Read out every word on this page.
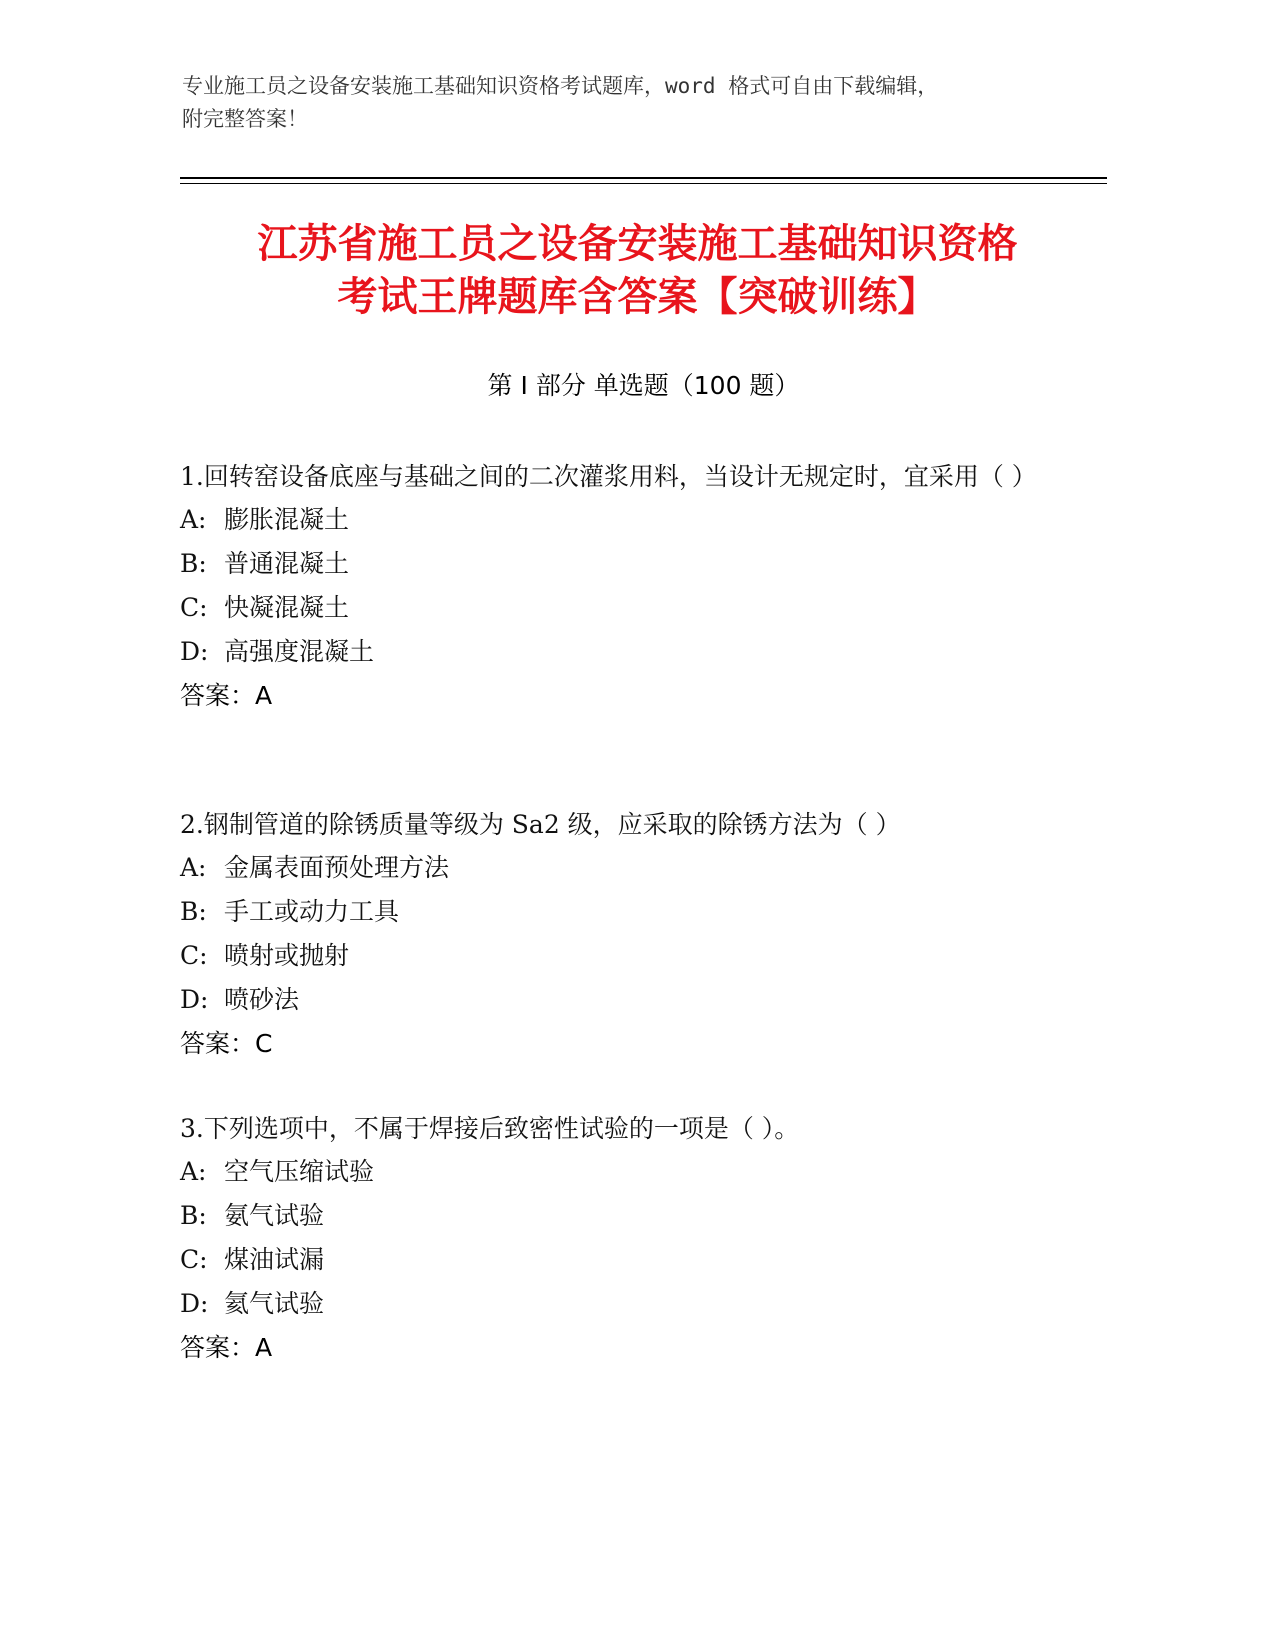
专业施工员之设备安装施工基础知识资格考试题库，word 格式可自由下载编辑，
附完整答案！
江苏省施工员之设备安装施工基础知识资格
考试王牌题库含答案【突破训练】
第 I 部分 单选题（100 题）
1.回转窑设备底座与基础之间的二次灌浆用料，当设计无规定时，宜采用（ ）
A: 膨胀混凝土
B: 普通混凝土
C: 快凝混凝土
D: 高强度混凝土
答案：A
2.钢制管道的除锈质量等级为 Sa2 级，应采取的除锈方法为（ ）
A: 金属表面预处理方法
B: 手工或动力工具
C: 喷射或抛射
D: 喷砂法
答案：C
3.下列选项中，不属于焊接后致密性试验的一项是（ ）。
A: 空气压缩试验
B: 氨气试验
C: 煤油试漏
D: 氦气试验
答案：A
